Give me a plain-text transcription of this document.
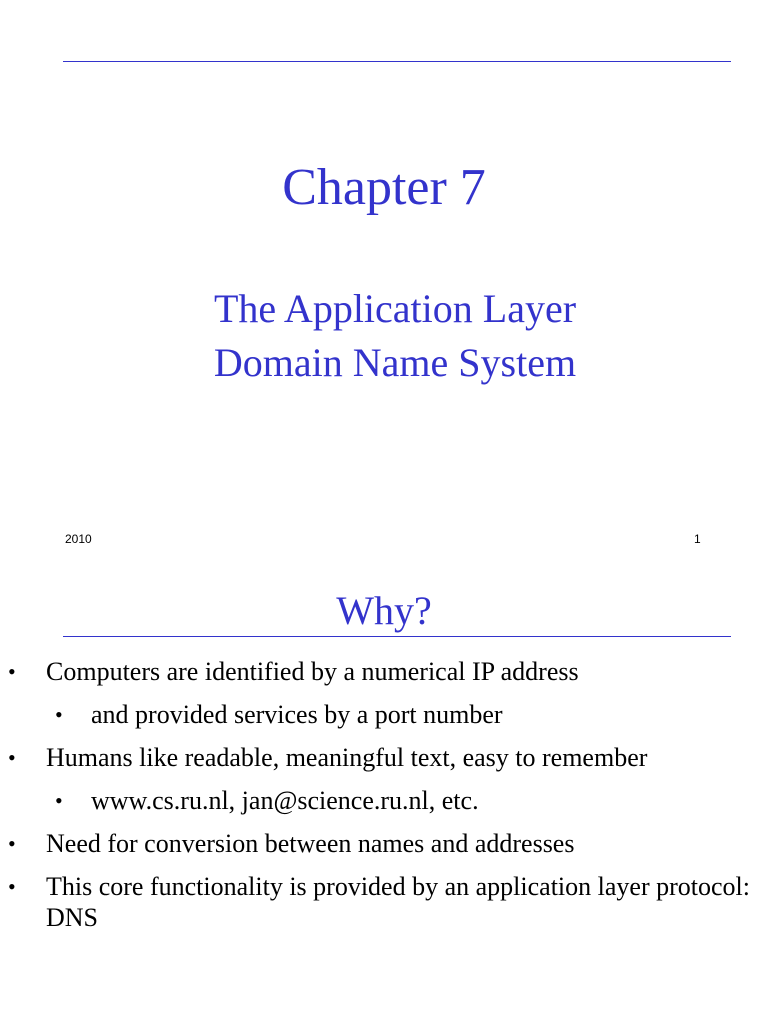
Chapter 7
The Application Layer
Domain Name System
2010	1
Why?
• Computers are identified by a numerical IP address
• and provided services by a port number
• Humans like readable, meaningful text, easy to remember
• www.cs.ru.nl, jan@science.ru.nl, etc.
• Need for conversion between names and addresses
• This core functionality is provided by an application layer protocol: DNS
